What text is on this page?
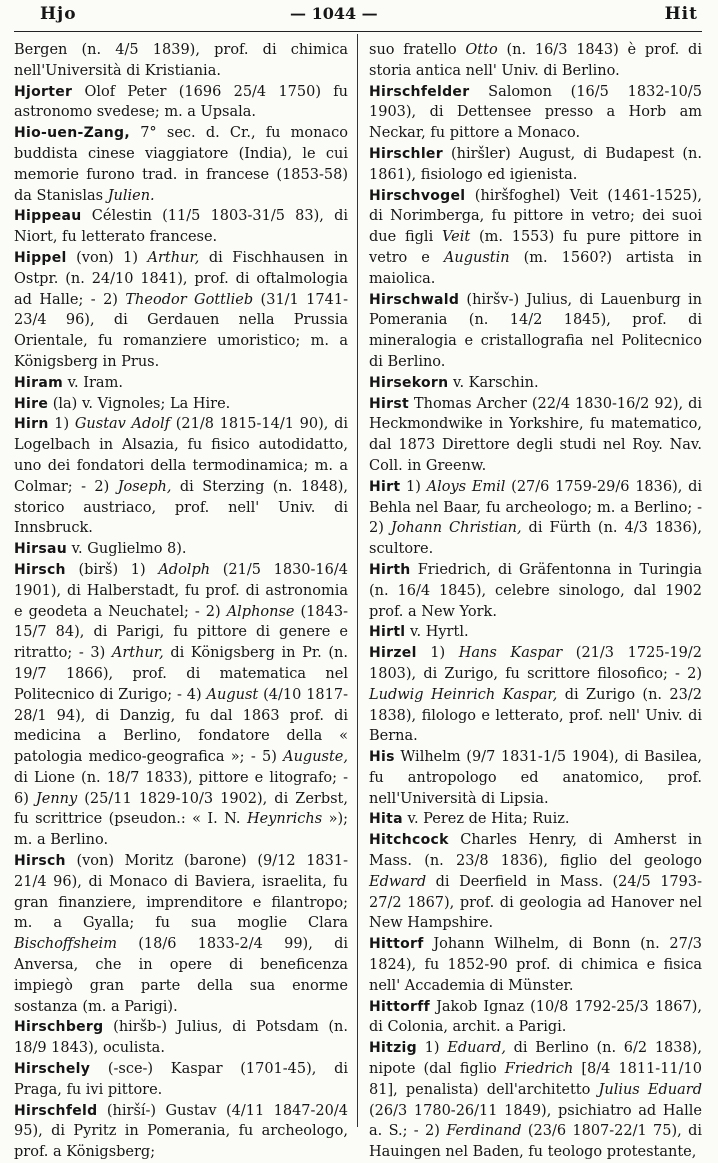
Hjo	— 1044 —	Hit

Bergen (n. 4/5 1839), prof. di chimica nell'Università di Kristiania.

Hjorter Olof Peter (1696 25/4 1750) fu astronomo svedese; m. a Upsala.

Hio-uen-Zang, 7° sec. d. Cr., fu monaco buddista cinese viaggiatore (India), le cui memorie furono trad. in francese (1853-58) da Stanislas Julien.

Hippeau Célestin (11/5 1803-31/5 83), di Niort, fu letterato francese.

Hippel (von) 1) Arthur, di Fischhausen in Ostpr. (n. 24/10 1841), prof. di oftalmologia ad Halle; - 2) Theodor Gottlieb (31/1 1741-23/4 96), di Gerdauen nella Prussia Orientale, fu romanziere umoristico; m. a Königsberg in Prus.

Hiram v. Iram.

Hire (la) v. Vignoles; La Hire.

Hirn 1) Gustav Adolf (21/8 1815-14/1 90), di Logelbach in Alsazia, fu fisico autodidatto, uno dei fondatori della termodinamica; m. a Colmar; - 2) Joseph, di Sterzing (n. 1848), storico austriaco, prof. nell' Univ. di Innsbruck.

Hirsau v. Guglielmo 8).

Hirsch (birš) 1) Adolph (21/5 1830-16/4 1901), di Halberstadt, fu prof. di astronomia e geodeta a Neuchatel; - 2) Alphonse (1843-15/7 84), di Parigi, fu pittore di genere e ritratto; - 3) Arthur, di Königsberg in Pr. (n. 19/7 1866), prof. di matematica nel Politecnico di Zurigo; - 4) August (4/10 1817-28/1 94), di Danzig, fu dal 1863 prof. di medicina a Berlino, fondatore della « patologia medico-geografica »; - 5) Auguste, di Lione (n. 18/7 1833), pittore e litografo; - 6) Jenny (25/11 1829-10/3 1902), di Zerbst, fu scrittrice (pseudon.: « I. N. Heynrichs »); m. a Berlino.

Hirsch (von) Moritz (barone) (9/12 1831-21/4 96), di Monaco di Baviera, israelita, fu gran finanziere, imprenditore e filantropo; m. a Gyalla; fu sua moglie Clara Bischoffsheim (18/6 1833-2/4 99), di Anversa, che in opere di beneficenza impiegò gran parte della sua enorme sostanza (m. a Parigi).

Hirschberg (hiršb-) Julius, di Potsdam (n. 18/9 1843), oculista.

Hirschely (-sce-) Kaspar (1701-45), di Praga, fu ivi pittore.

Hirschfeld (hirší-) Gustav (4/11 1847-20/4 95), di Pyritz in Pomerania, fu archeologo, prof. a Königsberg;

suo fratello Otto (n. 16/3 1843) è prof. di storia antica nell' Univ. di Berlino.

Hirschfelder Salomon (16/5 1832-10/5 1903), di Dettensee presso a Horb am Neckar, fu pittore a Monaco.

Hirschler (hiršler) August, di Budapest (n. 1861), fisiologo ed igienista.

Hirschvogel (hiršfoghel) Veit (1461-1525), di Norimberga, fu pittore in vetro; dei suoi due figli Veit (m. 1553) fu pure pittore in vetro e Augustin (m. 1560?) artista in maiolica.

Hirschwald (hiršv-) Julius, di Lauenburg in Pomerania (n. 14/2 1845), prof. di mineralogia e cristallografia nel Politecnico di Berlino.

Hirsekorn v. Karschin.

Hirst Thomas Archer (22/4 1830-16/2 92), di Heckmondwike in Yorkshire, fu matematico, dal 1873 Direttore degli studi nel Roy. Nav. Coll. in Greenw.

Hirt 1) Aloys Emil (27/6 1759-29/6 1836), di Behla nel Baar, fu archeologo; m. a Berlino; - 2) Johann Christian, di Fürth (n. 4/3 1836), scultore.

Hirth Friedrich, di Gräfentonna in Turingia (n. 16/4 1845), celebre sinologo, dal 1902 prof. a New York.

Hirtl v. Hyrtl.

Hirzel 1) Hans Kaspar (21/3 1725-19/2 1803), di Zurigo, fu scrittore filosofico; - 2) Ludwig Heinrich Kaspar, di Zurigo (n. 23/2 1838), filologo e letterato, prof. nell' Univ. di Berna.

His Wilhelm (9/7 1831-1/5 1904), di Basilea, fu antropologo ed anatomico, prof. nell'Università di Lipsia.

Hita v. Perez de Hita; Ruiz.

Hitchcock Charles Henry, di Amherst in Mass. (n. 23/8 1836), figlio del geologo Edward di Deerfield in Mass. (24/5 1793-27/2 1867), prof. di geologia ad Hanover nel New Hampshire.

Hittorf Johann Wilhelm, di Bonn (n. 27/3 1824), fu 1852-90 prof. di chimica e fisica nell' Accademia di Münster.

Hittorff Jakob Ignaz (10/8 1792-25/3 1867), di Colonia, archit. a Parigi.

Hitzig 1) Eduard, di Berlino (n. 6/2 1838), nipote (dal figlio Friedrich [8/4 1811-11/10 81], penalista) dell'architetto Julius Eduard (26/3 1780-26/11 1849), psichiatro ad Halle a. S.; - 2) Ferdinand (23/6 1807-22/1 75), di Hauingen nel Baden, fu teologo protestante,
